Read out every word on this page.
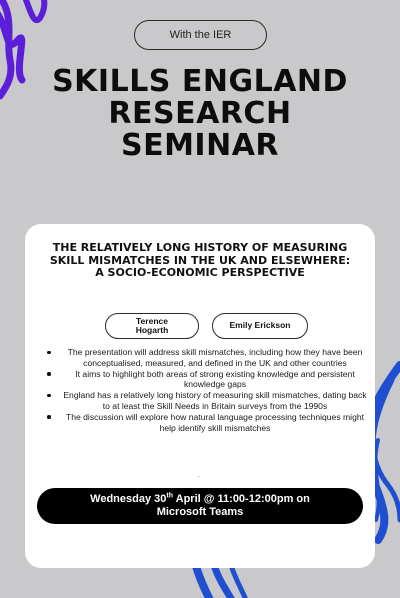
With the IER
SKILLS ENGLAND
RESEARCH
SEMINAR
THE RELATIVELY LONG HISTORY OF MEASURING
SKILL MISMATCHES IN THE UK AND ELSEWHERE:
A SOCIO-ECONOMIC PERSPECTIVE
Terence
Hogarth	Emily Erickson
The presentation will address skill mismatches, including how they have been conceptualised, measured, and defined in the UK and other countries
It aims to highlight both areas of strong existing knowledge and persistent knowledge gaps
England has a relatively long history of measuring skill mismatches, dating back to at least the Skill Needs in Britain surveys from the 1990s
The discussion will explore how natural language processing techniques might help identify skill mismatches
.
Wednesday 30th April @ 11:00-12:00pm on
Microsoft Teams
